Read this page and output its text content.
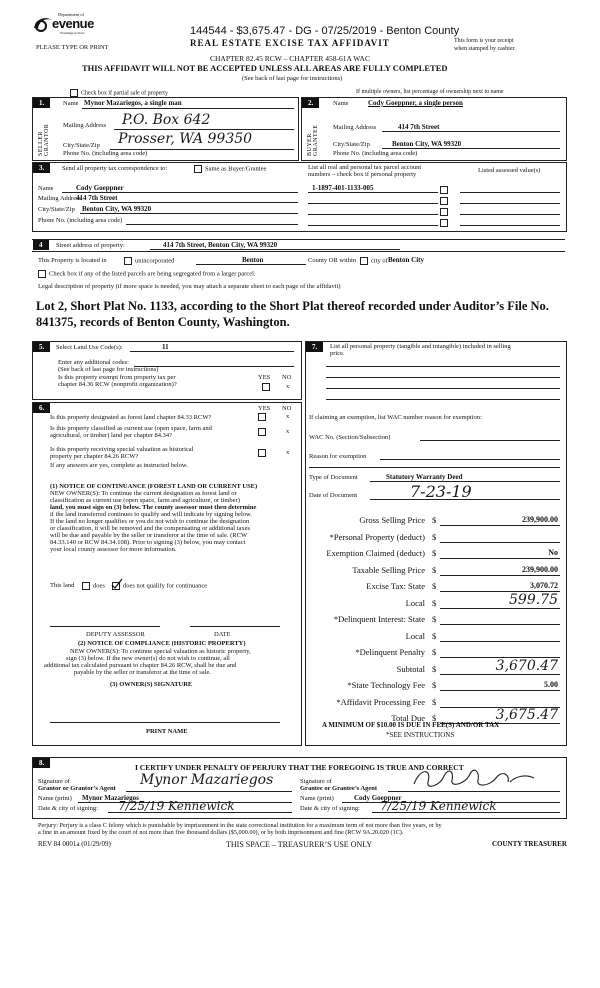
Department of
evenue
Washington State	144544 - $3,675.47 - DG - 07/25/2019 - Benton County
PLEASE TYPE OR PRINT	REAL ESTATE EXCISE TAX AFFIDAVIT	This form is your receipt
when stamped by cashier.
CHAPTER 82.45 RCW – CHAPTER 458-61A WAC
THIS AFFIDAVIT WILL NOT BE ACCEPTED UNLESS ALL AREAS ARE FULLY COMPLETED
(See back of last page for instructions)
Check box if partial sale of property	If multiple owners, list percentage of ownership next to name
1.
SELLER GRANTOR
Name Mynor Mazariegos, a single man
Mailing Address P.O. Box 642
City/State/Zip Prosser, WA 99350
Phone No. (including area code)
2.
BUYER GRANTEE
Name	Cody Goeppner, a single person
Mailing Address	414 7th Street
City/State/Zip	Benton City, WA 99320
Phone No. (including area code)
3.	Send all property tax correspondence to:	Same as Buyer/Grantee	List all real and personal tax parcel account
numbers – check box if personal property
Listed assessed value(s)
1-1897-401-1133-005
Name	Cody Goeppner
Mailing Address
414 7th Street
City/State/Zip Benton City, WA 99320
Phone No. (including area code)
4	Street address of property:	414 7th Street, Benton City, WA 99320
This Property is located in	unincorporated	Benton	County OR within	city of Benton City
Check box if any of the listed parcels are being segregated from a larger parcel.
Legal description of property (if more space is needed, you may attach a separate sheet to each page of the affidavit)
Lot 2, Short Plat No. 1133, according to the Short Plat thereof recorded under Auditor’s File No. 841375, records of Benton County, Washington.
5.	Select Land Use Code(s):	11
Enter any additional codes:
(See back of last page for instructions)
Is this property exempt from property tax per
chapter 84.36 RCW (nonprofit organization)?
YES NO
x
6.	YES NO
Is this property designated as forest land chapter 84.33 RCW?	x
Is this property classified as current use (open space, farm and
agricultural, or timber) land per chapter 84.34?
x
Is this property receiving special valuation as historical
property per chapter 84.26 RCW?
x
If any answers are yes, complete as instructed below.
(1) NOTICE OF CONTINUANCE (FOREST LAND OR CURRENT USE)
NEW OWNER(S): To continue the current designation as forest land or
classification as current use (open space, farm and agriculture, or timber)
land, you must sign on (3) below. The county assessor must then determine
if the land transferred continues to qualify and will indicate by signing below.
If the land no longer qualifies or you do not wish to continue the designation
or classification, it will be removed and the compensating or additional taxes
will be due and payable by the seller or transferor at the time of sale. (RCW
84.33.140 or RCW 84.34.108). Prior to signing (3) below, you may contact
your local county assessor for more information.
This land	does	does not qualify for continuance
DEPUTY ASSESSOR	DATE
(2) NOTICE OF COMPLIANCE (HISTORIC PROPERTY)
NEW OWNER(S): To continue special valuation as historic property,
sign (3) below. If the new owner(s) do not wish to continue, all
additional tax calculated pursuant to chapter 84.26 RCW, shall be due and
payable by the seller or transferor at the time of sale.
(3) OWNER(S) SIGNATURE
PRINT NAME
7.	List all personal property (tangible and intangible) included in selling
price.
If claiming an exemption, list WAC number reason for exemption:
WAC No. (Section/Subsection)
Reason for exemption
Type of Document	Statutory Warranty Deed
Date of Document	7-23-19
Gross Selling Price $	239,900.00
*Personal Property (deduct) $
Exemption Claimed (deduct) $	No
Taxable Selling Price $	239,900.00
Excise Tax: State $	3,070.72
Local $	599.75
*Delinquent Interest: State $
Local $
*Delinquent Penalty $
Subtotal $	3,670.47
*State Technology Fee $	5.00
*Affidavit Processing Fee $
Total Due $	3,675.47
A MINIMUM OF $10.00 IS DUE IN FEE(S) AND/OR TAX
*SEE INSTRUCTIONS
8.	I CERTIFY UNDER PENALTY OF PERJURY THAT THE FOREGOING IS TRUE AND CORRECT
Signature of
Grantor or Grantor’s Agent
Mynor Mazariegos
Name (print) Mynor Mazariegos
Date & city of signing: 7/25/19 Kennewick
Signature of
Grantee or Grantee’s Agent
Name (print)	Cody Goeppner
Date & city of signing: 7/25/19 Kennewick
Perjury: Perjury is a class C felony which is punishable by imprisonment in the state correctional institution for a maximum term of not more than five years, or by
a fine in an amount fixed by the court of not more than five thousand dollars ($5,000.00), or by both imprisonment and fine (RCW 9A.20.020 (1C).
REV 84 0001a (01/29/09)	THIS SPACE – TREASURER’S USE ONLY	COUNTY TREASURER
